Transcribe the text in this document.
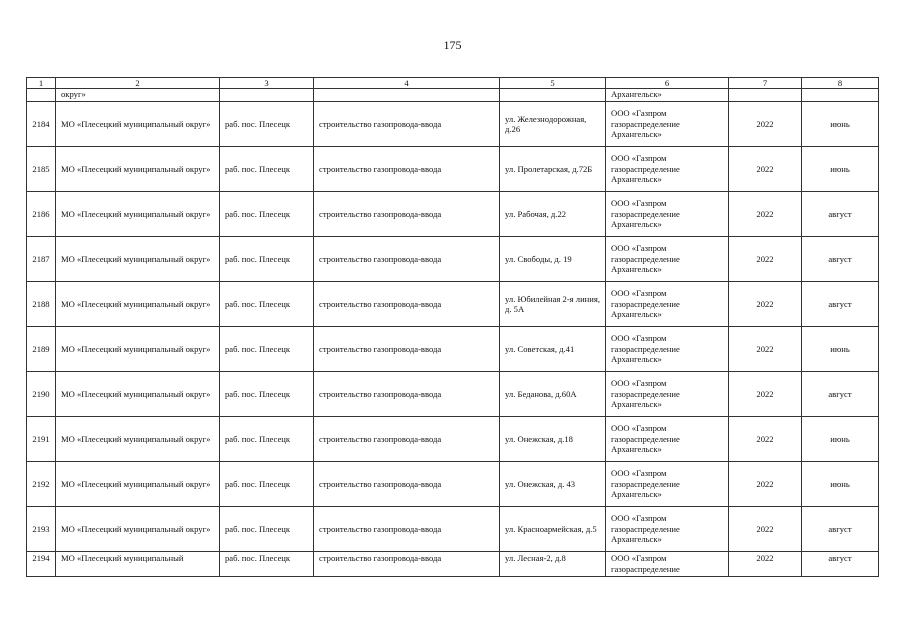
175
1	2	3	4	5	6	7	8
	округ»				Архангельск»		
2184	МО «Плесецкий муниципальный округ»	раб. пос. Плесецк	строительство газопровода-ввода	ул. Железнодорожная, д.26	ООО «Газпром газораспределение Архангельск»	2022	июнь
2185	МО «Плесецкий муниципальный округ»	раб. пос. Плесецк	строительство газопровода-ввода	ул. Пролетарская, д.72Б	ООО «Газпром газораспределение Архангельск»	2022	июнь
2186	МО «Плесецкий муниципальный округ»	раб. пос. Плесецк	строительство газопровода-ввода	ул. Рабочая, д.22	ООО «Газпром газораспределение Архангельск»	2022	август
2187	МО «Плесецкий муниципальный округ»	раб. пос. Плесецк	строительство газопровода-ввода	ул. Свободы, д. 19	ООО «Газпром газораспределение Архангельск»	2022	август
2188	МО «Плесецкий муниципальный округ»	раб. пос. Плесецк	строительство газопровода-ввода	ул. Юбилейная 2-я линия, д. 5А	ООО «Газпром газораспределение Архангельск»	2022	август
2189	МО «Плесецкий муниципальный округ»	раб. пос. Плесецк	строительство газопровода-ввода	ул. Советская, д.41	ООО «Газпром газораспределение Архангельск»	2022	июнь
2190	МО «Плесецкий муниципальный округ»	раб. пос. Плесецк	строительство газопровода-ввода	ул. Беданова, д.60А	ООО «Газпром газораспределение Архангельск»	2022	август
2191	МО «Плесецкий муниципальный округ»	раб. пос. Плесецк	строительство газопровода-ввода	ул. Онежская, д.18	ООО «Газпром газораспределение Архангельск»	2022	июнь
2192	МО «Плесецкий муниципальный округ»	раб. пос. Плесецк	строительство газопровода-ввода	ул. Онежская, д. 43	ООО «Газпром газораспределение Архангельск»	2022	июнь
2193	МО «Плесецкий муниципальный округ»	раб. пос. Плесецк	строительство газопровода-ввода	ул. Красноармейская, д.5	ООО «Газпром газораспределение Архангельск»	2022	август
2194	МО «Плесецкий муниципальный	раб. пос. Плесецк	строительство газопровода-ввода	ул. Лесная-2, д.8	ООО «Газпром газораспределение	2022	август
